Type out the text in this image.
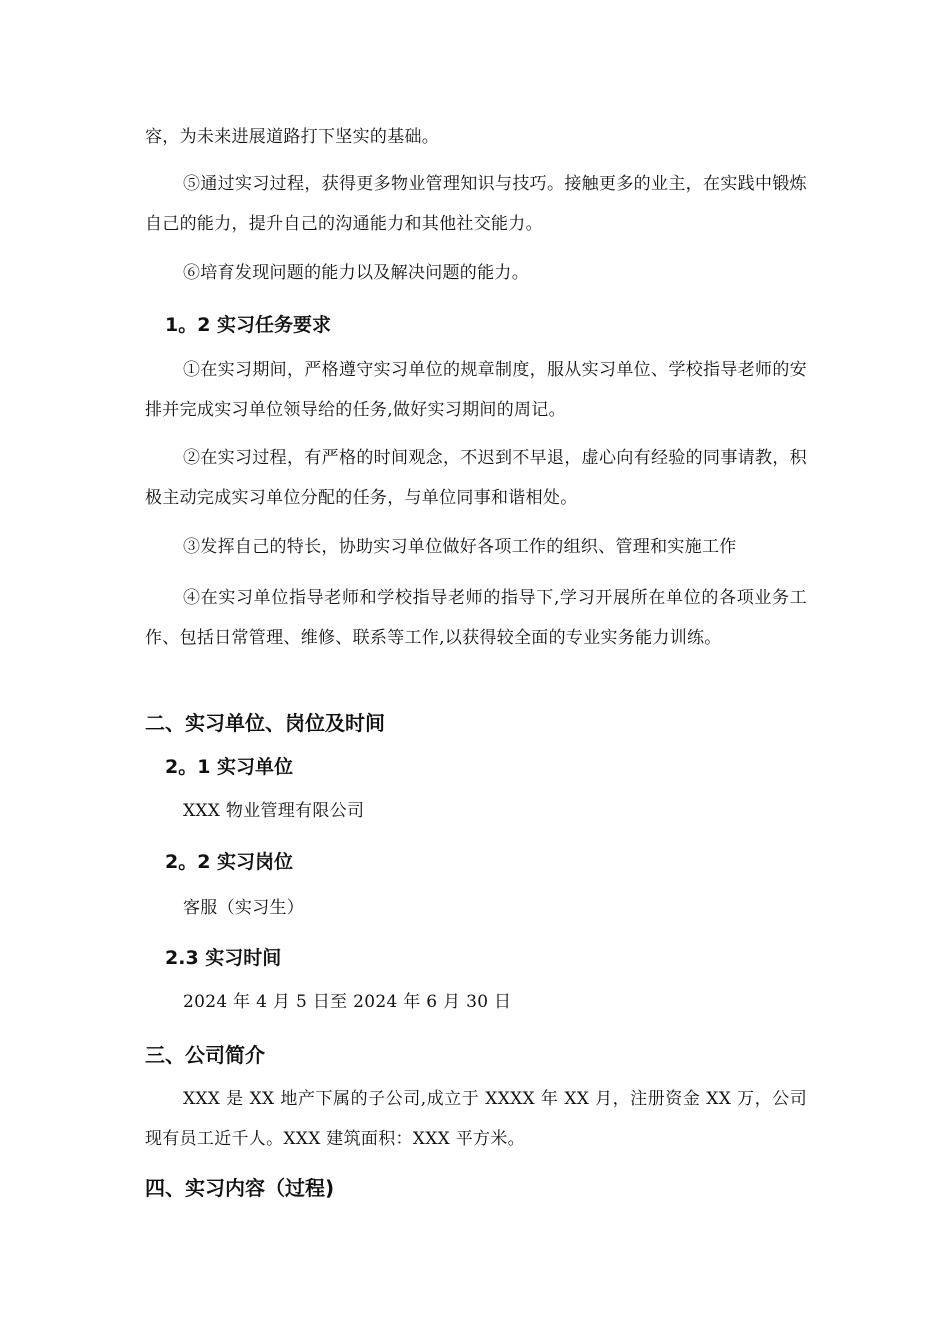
容，为未来进展道路打下坚实的基础。

⑤通过实习过程，获得更多物业管理知识与技巧。接触更多的业主，在实践中锻炼自己的能力，提升自己的沟通能力和其他社交能力。

⑥培育发现问题的能力以及解决问题的能力。

1。2 实习任务要求

①在实习期间，严格遵守实习单位的规章制度，服从实习单位、学校指导老师的安排并完成实习单位领导给的任务,做好实习期间的周记。

②在实习过程，有严格的时间观念，不迟到不早退，虚心向有经验的同事请教，积极主动完成实习单位分配的任务，与单位同事和谐相处。

③发挥自己的特长，协助实习单位做好各项工作的组织、管理和实施工作

④在实习单位指导老师和学校指导老师的指导下,学习开展所在单位的各项业务工作、包括日常管理、维修、联系等工作,以获得较全面的专业实务能力训练。

二、实习单位、岗位及时间
2。1 实习单位

XXX 物业管理有限公司

2。2 实习岗位

客服（实习生）

2.3 实习时间

2024 年 4 月 5 日至 2024 年 6 月 30 日

三、公司简介

XXX 是 XX 地产下属的子公司,成立于 XXXX 年 XX 月，注册资金 XX 万，公司现有员工近千人。XXX 建筑面积：XXX 平方米。

四、实习内容（过程)
